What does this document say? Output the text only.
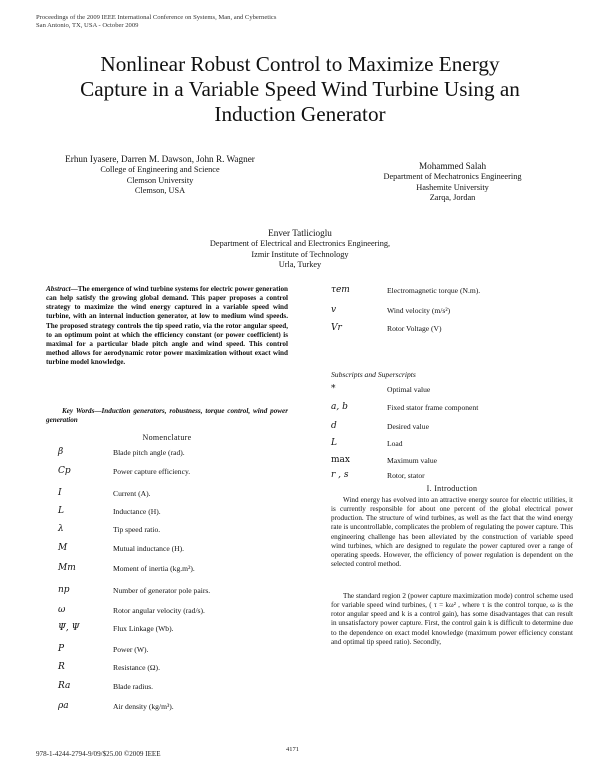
Proceedings of the 2009 IEEE International Conference on Systems, Man, and Cybernetics
San Antonio, TX, USA - October 2009
Nonlinear Robust Control to Maximize Energy
Capture in a Variable Speed Wind Turbine Using an
Induction Generator
Erhun Iyasere, Darren M. Dawson, John R. Wagner
College of Engineering and Science
Clemson University
Clemson, USA
Mohammed Salah
Department of Mechatronics Engineering
Hashemite University
Zarqa, Jordan
Enver Tatlicioglu
Department of Electrical and Electronics Engineering,
Izmir Institute of Technology
Urla, Turkey
Abstract—The emergence of wind turbine systems for electric power generation can help satisfy the growing global demand. This paper proposes a control strategy to maximize the wind energy captured in a variable speed wind turbine, with an internal induction generator, at low to medium wind speeds. The proposed strategy controls the tip speed ratio, via the rotor angular speed, to an optimum point at which the efficiency constant (or power coefficient) is maximal for a particular blade pitch angle and wind speed. This control method allows for aerodynamic rotor power maximization without exact wind turbine model knowledge.
Key Words—Induction generators, robustness, torque control, wind power generation
Nomenclature
β	Blade pitch angle (rad).
Cp	Power capture efficiency.
I	Current (A).
L	Inductance (H).
λ	Tip speed ratio.
M	Mutual inductance (H).
Mm	Moment of inertia (kg.m²).
np	Number of generator pole pairs.
ω	Rotor angular velocity (rad/s).
Ψ̅, Ψ	Flux Linkage (Wb).
P	Power (W).
R	Resistance (Ω).
Ra	Blade radius.
ρa	Air density (kg/m³).
τem	Electromagnetic torque (N.m).
v	Wind velocity (m/s²)
Vr	Rotor Voltage (V)
Subscripts and Superscripts
*	Optimal value
a, b	Fixed stator frame component
d	Desired value
L	Load
max	Maximum value
r , s	Rotor, stator
I. Introduction
Wind energy has evolved into an attractive energy source for electric utilities, it is currently responsible for about one percent of the global electrical power production. The structure of wind turbines, as well as the fact that the wind energy rate is uncontrollable, complicates the problem of regulating the power capture. This engineering challenge has been alleviated by the construction of variable speed wind turbines, which are designed to regulate the power captured over a range of operating speeds. However, the efficiency of power regulation is dependent on the selected control method.
The standard region 2 (power capture maximization mode) control scheme used for variable speed wind turbines, ( τ = kω² , where τ is the control torque, ω is the rotor angular speed and k is a control gain), has some disadvantages that can result in unsatisfactory power capture. First, the control gain k is difficult to determine due to the dependence on exact model knowledge (maximum power efficiency constant and optimal tip speed ratio). Secondly,
4171
978-1-4244-2794-9/09/$25.00 ©2009 IEEE
